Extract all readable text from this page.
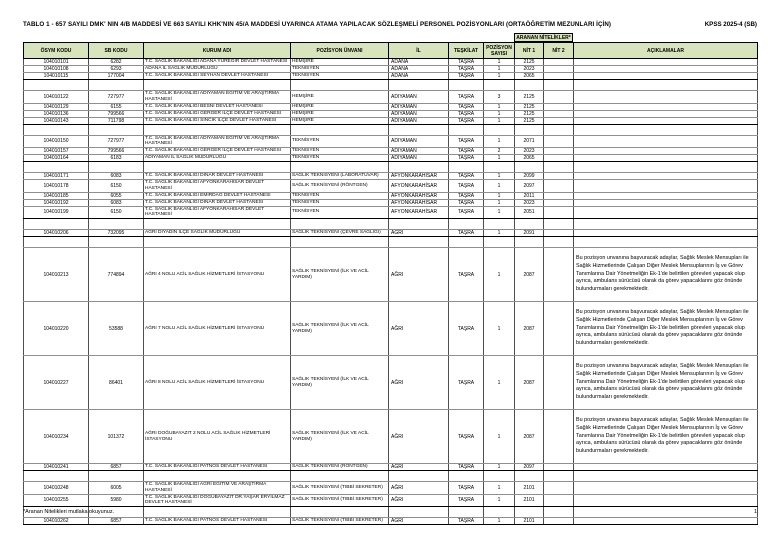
TABLO 1 - 657 SAYILI DMK' NIN 4/B MADDESİ VE 663 SAYILI KHK'NIN 45/A MADDESİ UYARINCA ATAMA YAPILACAK SÖZLEŞMELİ PERSONEL POZİSYONLARI (ORTAÖĞRETİM MEZUNLARI İÇİN)	KPSS 2025-4 (SB)
ARANAN NİTELİKLER*
ÖSYM KODU	SB KODU	KURUM ADI	POZİSYON ÜNVANI	İL	TEŞKİLAT	POZİSYON SAYISI	NİT 1	NİT 2	AÇIKLAMALAR
104010101	6282	T.C. SAĞLIK BAKANLIĞI ADANA YÜREĞİR DEVLET HASTANESİ	HEMŞİRE	ADANA	TAŞRA	1	2125		
104010108	6293	ADANA İL SAĞLIK MÜDÜRLÜĞÜ	TEKNİSYEN	ADANA	TAŞRA	1	2023		
104010115	177004	T.C. SAĞLIK BAKANLIĞI SEYHAN DEVLET HASTANESİ	TEKNİSYEN	ADANA	TAŞRA	1	2065		

104010122	727977	T.C. SAĞLIK BAKANLIĞI ADIYAMAN EĞİTİM VE ARAŞTIRMA HASTANESİ	HEMŞİRE	ADIYAMAN	TAŞRA	3	2125		
104010129	6155	T.C. SAĞLIK BAKANLIĞI BESNİ DEVLET HASTANESİ	HEMŞİRE	ADIYAMAN	TAŞRA	1	2125		
104010136	799566	T.C. SAĞLIK BAKANLIĞI GERGER İLÇE DEVLET HASTANESİ	HEMŞİRE	ADIYAMAN	TAŞRA	1	2125		
104010143	711798	T.C. SAĞLIK BAKANLIĞI SİNCİK İLÇE DEVLET HASTANESİ	HEMŞİRE	ADIYAMAN	TAŞRA	1	2125		

104010150	727977	T.C. SAĞLIK BAKANLIĞI ADIYAMAN EĞİTİM VE ARAŞTIRMA HASTANESİ	TEKNİSYEN	ADIYAMAN	TAŞRA	1	2071		
104010157	799566	T.C. SAĞLIK BAKANLIĞI GERGER İLÇE DEVLET HASTANESİ	TEKNİSYEN	ADIYAMAN	TAŞRA	2	2023		
104010164	6183	ADIYAMAN İL SAĞLIK MÜDÜRLÜĞÜ	TEKNİSYEN	ADIYAMAN	TAŞRA	1	2065		

104010171	6083	T.C. SAĞLIK BAKANLIĞI DİNAR DEVLET HASTANESİ	SAĞLIK TEKNİSYENİ (LABORATUVAR)	AFYONKARAHİSAR	TAŞRA	1	2099		
104010178	6150	T.C. SAĞLIK BAKANLIĞI AFYONKARAHİSAR DEVLET HASTANESİ	SAĞLIK TEKNİSYENİ (RÖNTGEN)	AFYONKARAHİSAR	TAŞRA	1	2097		
104010185	6055	T.C. SAĞLIK BAKANLIĞI EMİRDAĞ DEVLET HASTANESİ	TEKNİSYEN	AFYONKARAHİSAR	TAŞRA	1	2011		
104010192	6083	T.C. SAĞLIK BAKANLIĞI DİNAR DEVLET HASTANESİ	TEKNİSYEN	AFYONKARAHİSAR	TAŞRA	1	2023		
104010199	6150	T.C. SAĞLIK BAKANLIĞI AFYONKARAHİSAR DEVLET HASTANESİ	TEKNİSYEN	AFYONKARAHİSAR	TAŞRA	1	2051		

104010206	732095	AĞRI DİYADİN İLÇE SAĞLIK MÜDÜRLÜĞÜ	SAĞLIK TEKNİSYENİ (ÇEVRE SAĞLIĞI)	AĞRI	TAŞRA	1	2091		

104010213	774894	AĞRI 4 NOLU ACİL SAĞLIK HİZMETLERİ İSTASYONU	SAĞLIK TEKNİSYENİ (İLK VE ACİL YARDIM)	AĞRI	TAŞRA	1	2087		Bu pozisyon unvanına başvuracak adaylar, Sağlık Meslek Mensupları ile Sağlık Hizmetlerinde Çalışan Diğer Meslek Mensuplarının İş ve Görev Tanımlarına Dair Yönetmeliğin Ek-1'de belirtilen görevleri yapacak olup ayrıca, ambulans sürücüsü olarak da görev yapacaklarını göz önünde bulundurmaları gerekmektedir.
104010220	53588	AĞRI 7 NOLU ACİL SAĞLIK HİZMETLERİ İSTASYONU	SAĞLIK TEKNİSYENİ (İLK VE ACİL YARDIM)	AĞRI	TAŞRA	1	2087		Bu pozisyon unvanına başvuracak adaylar, Sağlık Meslek Mensupları ile Sağlık Hizmetlerinde Çalışan Diğer Meslek Mensuplarının İş ve Görev Tanımlarına Dair Yönetmeliğin Ek-1'de belirtilen görevleri yapacak olup ayrıca, ambulans sürücüsü olarak da görev yapacaklarını göz önünde bulundurmaları gerekmektedir.
104010227	86401	AĞRI 8 NOLU ACİL SAĞLIK HİZMETLERİ İSTASYONU	SAĞLIK TEKNİSYENİ (İLK VE ACİL YARDIM)	AĞRI	TAŞRA	1	2087		Bu pozisyon unvanına başvuracak adaylar, Sağlık Meslek Mensupları ile Sağlık Hizmetlerinde Çalışan Diğer Meslek Mensuplarının İş ve Görev Tanımlarına Dair Yönetmeliğin Ek-1'de belirtilen görevleri yapacak olup ayrıca, ambulans sürücüsü olarak da görev yapacaklarını göz önünde bulundurmaları gerekmektedir.
104010234	101372	AĞRI DOĞUBAYAZIT 2 NOLU ACİL SAĞLIK HİZMETLERİ İSTASYONU	SAĞLIK TEKNİSYENİ (İLK VE ACİL YARDIM)	AĞRI	TAŞRA	1	2087		Bu pozisyon unvanına başvuracak adaylar, Sağlık Meslek Mensupları ile Sağlık Hizmetlerinde Çalışan Diğer Meslek Mensuplarının İş ve Görev Tanımlarına Dair Yönetmeliğin Ek-1'de belirtilen görevleri yapacak olup ayrıca, ambulans sürücüsü olarak da görev yapacaklarını göz önünde bulundurmaları gerekmektedir.
104010241	6857	T.C. SAĞLIK BAKANLIĞI PATNOS DEVLET HASTANESİ	SAĞLIK TEKNİSYENİ (RÖNTGEN)	AĞRI	TAŞRA	1	2097		

104010248	6005	T.C. SAĞLIK BAKANLIĞI AĞRI EĞİTİM VE ARAŞTIRMA HASTANESİ	SAĞLIK TEKNİSYENİ (TIBBİ SEKRETER)	AĞRI	TAŞRA	1	2101		
104010255	5980	T.C. SAĞLIK BAKANLIĞI DOĞUBAYAZIT DR.YAŞAR ERYILMAZ DEVLET HASTANESİ	SAĞLIK TEKNİSYENİ (TIBBİ SEKRETER)	AĞRI	TAŞRA	1	2101		

104010262	6857	T.C. SAĞLIK BAKANLIĞI PATNOS DEVLET HASTANESİ	SAĞLIK TEKNİSYENİ (TIBBİ SEKRETER)	AĞRI	TAŞRA	1	2101		
*Aranan Nitelikleri mutlaka okuyunuz.	1
